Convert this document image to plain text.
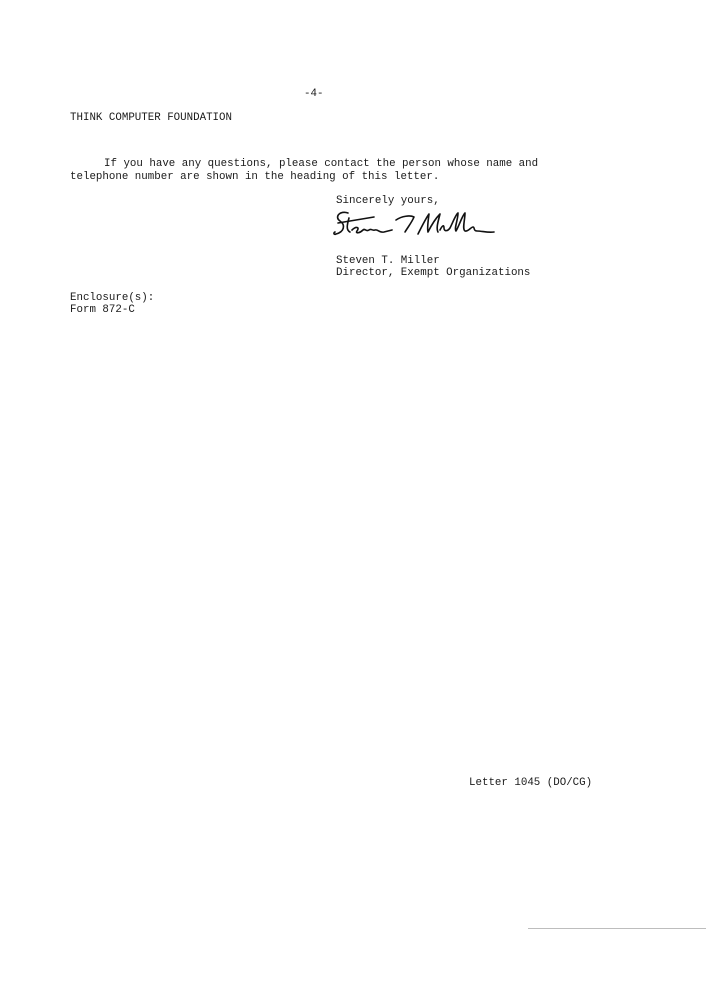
-4-
THINK COMPUTER FOUNDATION
If you have any questions, please contact the person whose name and
telephone number are shown in the heading of this letter.
Sincerely yours,
Steven T. Miller
Director, Exempt Organizations
Enclosure(s):
Form 872-C
Letter 1045 (DO/CG)
